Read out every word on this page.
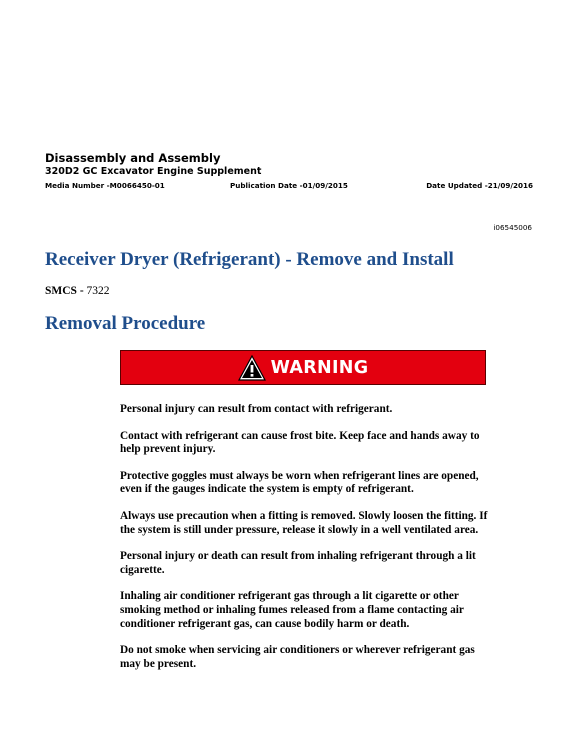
Disassembly and Assembly
320D2 GC Excavator Engine Supplement
Media Number -M0066450-01	Publication Date -01/09/2015	Date Updated -21/09/2016
i06545006
Receiver Dryer (Refrigerant) - Remove and Install
SMCS - 7322
Removal Procedure
WARNING

Personal injury can result from contact with refrigerant.

Contact with refrigerant can cause frost bite. Keep face and hands away to help prevent injury.

Protective goggles must always be worn when refrigerant lines are opened, even if the gauges indicate the system is empty of refrigerant.

Always use precaution when a fitting is removed. Slowly loosen the fitting. If the system is still under pressure, release it slowly in a well ventilated area.

Personal injury or death can result from inhaling refrigerant through a lit cigarette.

Inhaling air conditioner refrigerant gas through a lit cigarette or other smoking method or inhaling fumes released from a flame contacting air conditioner refrigerant gas, can cause bodily harm or death.

Do not smoke when servicing air conditioners or wherever refrigerant gas may be present.
